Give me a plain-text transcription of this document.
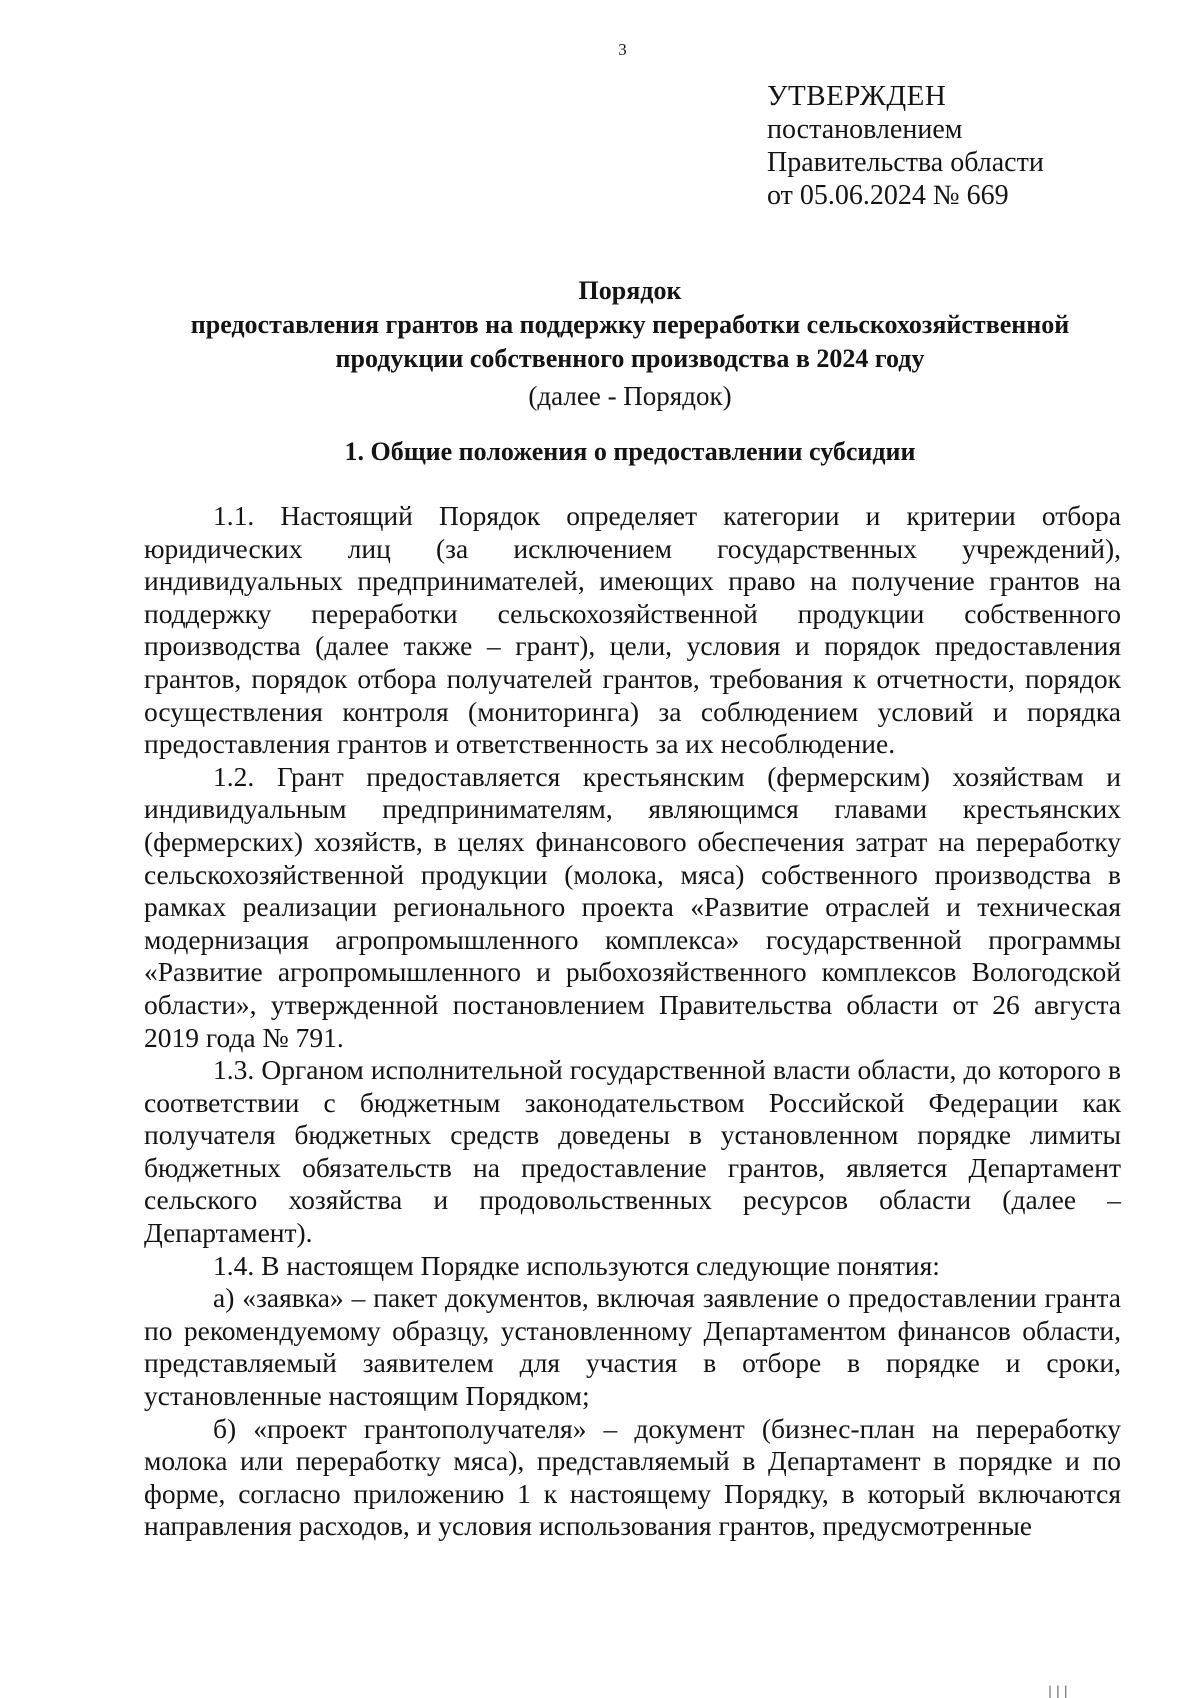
3
УТВЕРЖДЕН
постановлением
Правительства области
от 05.06.2024 № 669
Порядок
предоставления грантов на поддержку переработки сельскохозяйственной
продукции собственного производства в 2024 году
(далее - Порядок)
1. Общие положения о предоставлении субсидии

1.1. Настоящий Порядок определяет категории и критерии отбора юридических лиц (за исключением государственных учреждений), индивидуальных предпринимателей, имеющих право на получение грантов на поддержку переработки сельскохозяйственной продукции собственного производства (далее также – грант), цели, условия и порядок предоставления грантов, порядок отбора получателей грантов, требования к отчетности, порядок осуществления контроля (мониторинга) за соблюдением условий и порядка предоставления грантов и ответственность за их несоблюдение.

1.2. Грант предоставляется крестьянским (фермерским) хозяйствам и индивидуальным предпринимателям, являющимся главами крестьянских (фермерских) хозяйств, в целях финансового обеспечения затрат на переработку сельскохозяйственной продукции (молока, мяса) собственного производства в рамках реализации регионального проекта «Развитие отраслей и техническая модернизация агропромышленного комплекса» государственной программы «Развитие агропромышленного и рыбохозяйственного комплексов Вологодской области», утвержденной постановлением Правительства области от 26 августа 2019 года № 791.

1.3. Органом исполнительной государственной власти области, до которого в соответствии с бюджетным законодательством Российской Федерации как получателя бюджетных средств доведены в установленном порядке лимиты бюджетных обязательств на предоставление грантов, является Департамент сельского хозяйства и продовольственных ресурсов области (далее – Департамент).

1.4. В настоящем Порядке используются следующие понятия:

а) «заявка» – пакет документов, включая заявление о предоставлении гранта по рекомендуемому образцу, установленному Департаментом финансов области, представляемый заявителем для участия в отборе в порядке и сроки, установленные настоящим Порядком;

б) «проект грантополучателя» – документ (бизнес-план на переработку молока или переработку мяса), представляемый в Департамент в порядке и по форме, согласно приложению 1 к настоящему Порядку, в который включаются направления расходов, и условия использования грантов, предусмотренные

| | |
